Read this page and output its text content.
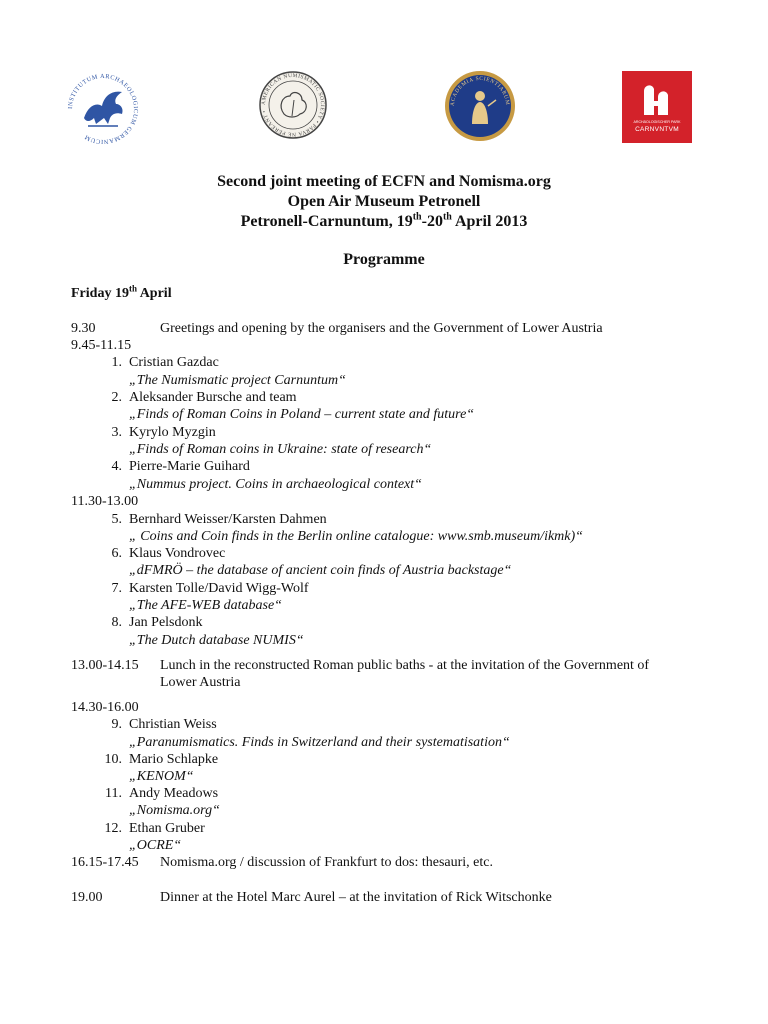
INSTITUTUM ARCHAEOLOGICUM GERMANICUM
AMERICAN NUMISMATIC SOCIETY • PARVA NE PEREANT •
ACADEMIA SCIENTIARUM
ARCHÄOLOGISCHER PARK
CARNVNTVM
Second joint meeting of ECFN and Nomisma.org
Open Air Museum Petronell
Petronell-Carnuntum, 19th-20th April 2013
Programme
Friday 19th April
9.30	Greetings and opening by the organisers and the Government of Lower Austria
9.45-11.15
1. Cristian Gazdac
„The Numismatic project Carnuntum“
2. Aleksander Bursche and team
„Finds of Roman Coins in Poland – current state and future“
3. Kyrylo Myzgin
„Finds of Roman coins in Ukraine: state of research“
4. Pierre-Marie Guihard
„Nummus project. Coins in archaeological context“
11.30-13.00
5. Bernhard Weisser/Karsten Dahmen
„ Coins and Coin finds in the Berlin online catalogue: www.smb.museum/ikmk)“
6. Klaus Vondrovec
„dFMRÖ – the database of ancient coin finds of Austria backstage“
7. Karsten Tolle/David Wigg-Wolf
„The AFE-WEB database“
8. Jan Pelsdonk
„The Dutch database NUMIS“
13.00-14.15 Lunch in the reconstructed Roman public baths - at the invitation of the Government of
Lower Austria
14.30-16.00
9. Christian Weiss
„Paranumismatics. Finds in Switzerland and their systematisation“
10. Mario Schlapke
„KENOM“
11. Andy Meadows
„Nomisma.org“
12. Ethan Gruber
„OCRE“
16.15-17.45 Nomisma.org / discussion of Frankfurt to dos: thesauri, etc.
19.00	Dinner at the Hotel Marc Aurel – at the invitation of Rick Witschonke
